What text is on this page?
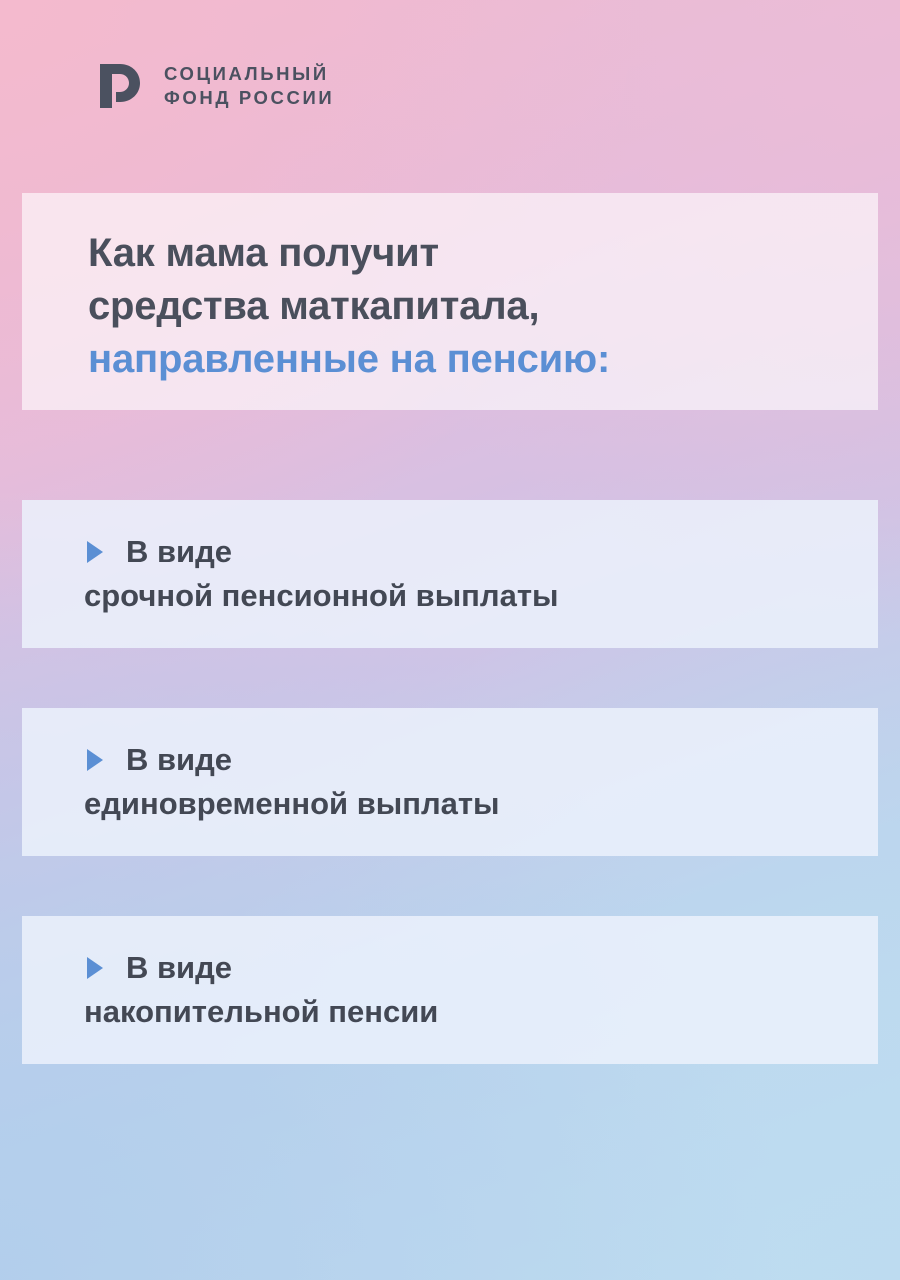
СОЦИАЛЬНЫЙ
ФОНД РОССИИ
Как мама получит
средства маткапитала,
направленные на пенсию:
В виде
срочной пенсионной выплаты
В виде
единовременной выплаты
В виде
накопительной пенсии
